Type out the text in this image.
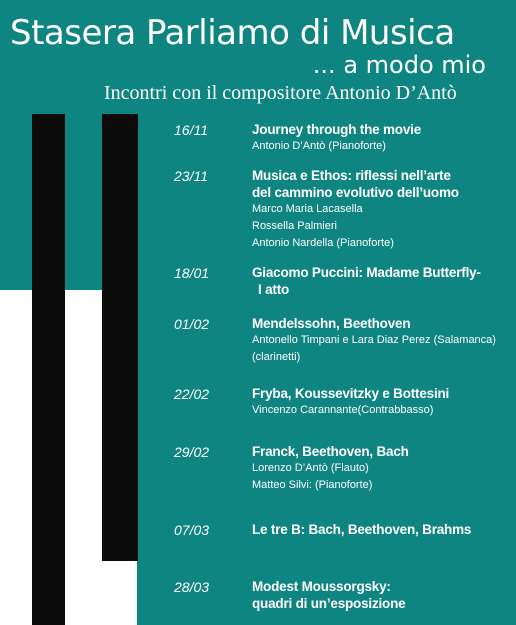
Stasera Parliamo di Musica
... a modo mio
Incontri con il compositore Antonio D’Antò
16/11	Journey through the movie
Antonio D’Antò (Pianoforte)
23/11	Musica e Ethos: riflessi nell’arte
del cammino evolutivo dell’uomo
Marco Maria Lacasella
Rossella Palmieri
Antonio Nardella (Pianoforte)
18/01	Giacomo Puccini: Madame Butterfly-
I atto
01/02	Mendelssohn, Beethoven
Antonello Timpani e Lara Diaz Perez (Salamanca)
(clarinetti)
22/02	Fryba, Koussevitzky e Bottesini
Vincenzo Carannante(Contrabbasso)
29/02	Franck, Beethoven, Bach
Lorenzo D’Antò (Flauto)
Matteo Silvi: (Pianoforte)
07/03	Le tre B: Bach, Beethoven, Brahms
28/03	Modest Moussorgsky:
quadri di un’esposizione
